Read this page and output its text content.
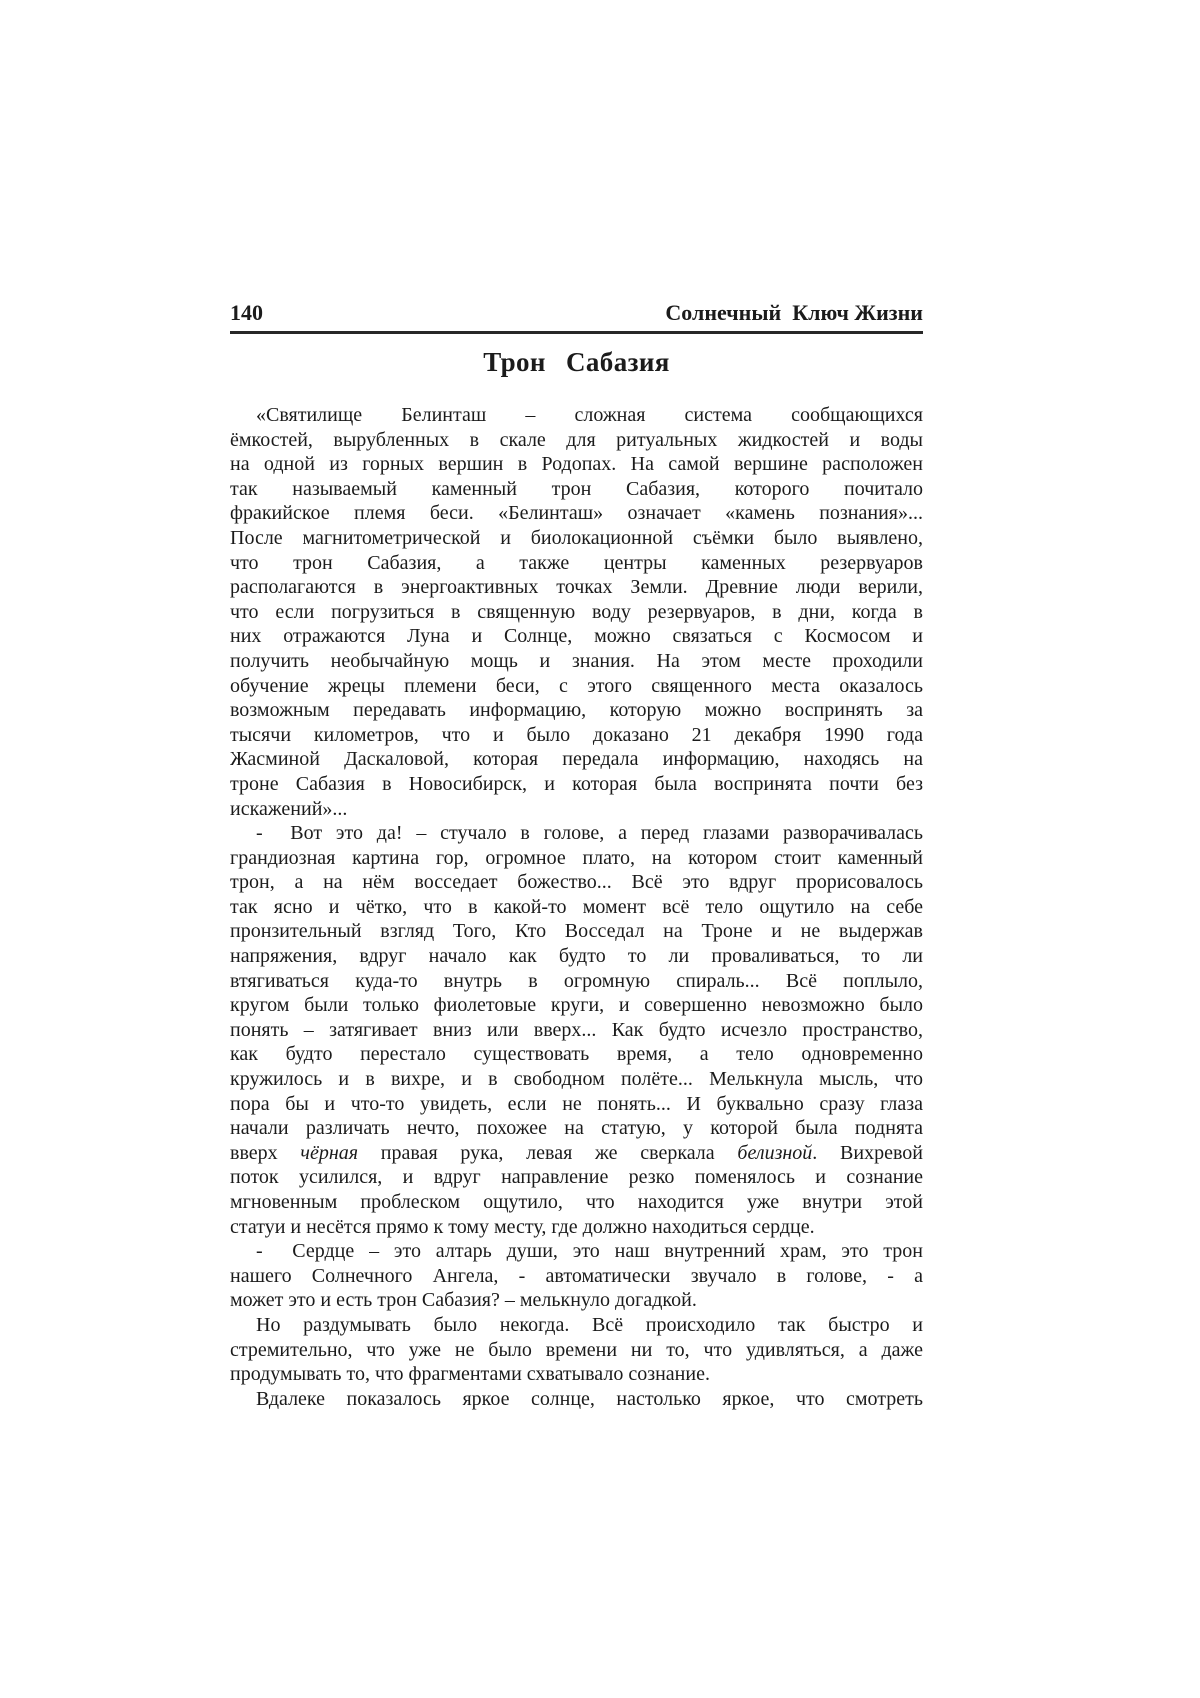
140	Солнечный  Ключ Жизни
Трон Сабазия
«Святилище Белинташ – сложная система сообщающихся
ёмкостей, вырубленных в скале для ритуальных жидкостей и воды
на одной из горных вершин в Родопах. На самой вершине расположен
так называемый каменный трон Сабазия, которого почитало
фракийское племя беси. «Белинташ» означает «камень познания»...
После магнитометрической и биолокационной съёмки было выявлено,
что трон Сабазия, а также центры каменных резервуаров
располагаются в энергоактивных точках Земли. Древние люди верили,
что если погрузиться в священную воду резервуаров, в дни, когда в
них отражаются Луна и Солнце, можно связаться с Космосом и
получить необычайную мощь и знания. На этом месте проходили
обучение жрецы племени беси, с этого священного места оказалось
возможным передавать информацию, которую можно воспринять за
тысячи километров, что и было доказано 21 декабря 1990 года
Жасминой Даскаловой, которая передала информацию, находясь на
троне Сабазия в Новосибирск, и которая была воспринята почти без
искажений»...
-  Вот это да! – стучало в голове, а перед глазами разворачивалась
грандиозная картина гор, огромное плато, на котором стоит каменный
трон, а на нём восседает божество... Всё это вдруг прорисовалось
так ясно и чётко, что в какой-то момент всё тело ощутило на себе
пронзительный взгляд Того, Кто Восседал на Троне и не выдержав
напряжения, вдруг начало как будто то ли проваливаться, то ли
втягиваться куда-то внутрь в огромную спираль... Всё поплыло,
кругом были только фиолетовые круги, и совершенно невозможно было
понять – затягивает вниз или вверх... Как будто исчезло пространство,
как будто перестало существовать время, а тело одновременно
кружилось и в вихре, и в свободном полёте... Мелькнула мысль, что
пора бы и что-то увидеть, если не понять... И буквально сразу глаза
начали различать нечто, похожее на статую, у которой была поднята
вверх чёрная правая рука, левая же сверкала белизной. Вихревой
поток усилился, и вдруг направление резко поменялось и сознание
мгновенным проблеском ощутило, что находится уже внутри этой
статуи и несётся прямо к тому месту, где должно находиться сердце.
-  Сердце – это алтарь души, это наш внутренний храм, это трон
нашего Солнечного Ангела, - автоматически звучало в голове, - а
может это и есть трон Сабазия? – мелькнуло догадкой.
Но раздумывать было некогда. Всё происходило так быстро и
стремительно, что уже не было времени ни то, что удивляться, а даже
продумывать то, что фрагментами схватывало сознание.
Вдалеке показалось яркое солнце, настолько яркое, что смотреть
